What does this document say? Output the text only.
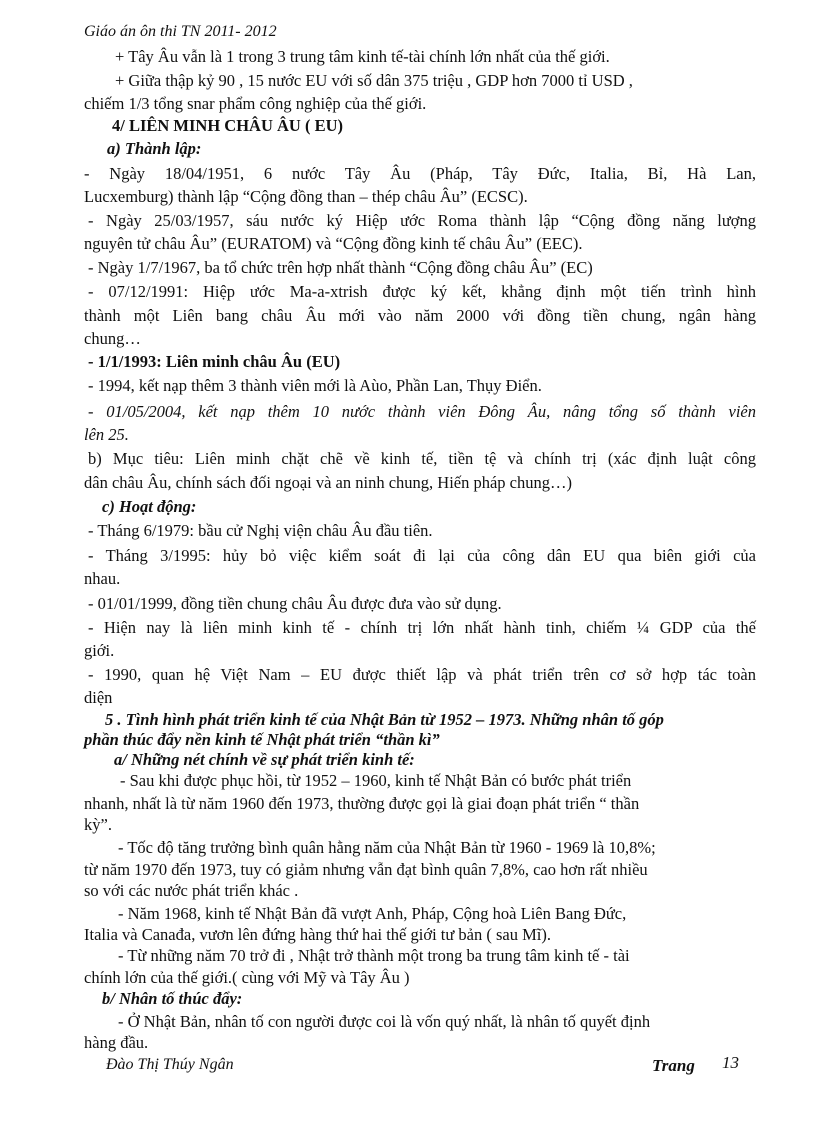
Giáo án ôn thi TN 2011- 2012
+ Tây Âu vẫn là 1 trong 3 trung tâm kinh tế-tài chính lớn nhất của thế giới.
+ Giữa thập kỷ 90 , 15 nước EU với số dân 375 triệu , GDP hơn 7000 tỉ USD ,
chiếm 1/3 tổng snar phẩm công nghiệp của thế giới.
4/ LIÊN MINH CHÂU ÂU ( EU)
a) Thành lập:
- Ngày 18/04/1951, 6 nước Tây Âu (Pháp, Tây Đức, Italia, Bỉ, Hà Lan,
Lucxemburg) thành lập “Cộng đồng than – thép châu Âu” (ECSC).
- Ngày 25/03/1957, sáu nước ký Hiệp ước Roma thành lập “Cộng đồng năng lượng
nguyên tử châu Âu” (EURATOM) và “Cộng đồng kinh tế châu Âu” (EEC).
- Ngày 1/7/1967, ba tổ chức trên hợp nhất thành “Cộng đồng châu Âu” (EC)
- 07/12/1991: Hiệp ước Ma-a-xtrish được ký kết, khẳng định một tiến trình hình
thành một Liên bang châu Âu mới vào năm 2000 với đồng tiền chung, ngân hàng
chung…
- 1/1/1993: Liên minh châu Âu (EU)
- 1994, kết nạp thêm 3 thành viên mới là Aùo, Phần Lan, Thụy Điển.
- 01/05/2004, kết nạp thêm 10 nước thành viên Đông Âu, nâng tổng số thành viên
lên 25.
b) Mục tiêu: Liên minh chặt chẽ về kinh tế, tiền tệ và chính trị (xác định luật công
dân châu Âu, chính sách đối ngoại và an ninh chung, Hiến pháp chung…)
c) Hoạt động:
- Tháng 6/1979: bầu cử Nghị viện châu Âu đầu tiên.
- Tháng 3/1995: hủy bỏ việc kiểm soát đi lại của công dân EU qua biên giới của
nhau.
- 01/01/1999, đồng tiền chung châu Âu được đưa vào sử dụng.
- Hiện nay là liên minh kinh tế - chính trị lớn nhất hành tinh, chiếm ¼ GDP của thế
giới.
- 1990, quan hệ Việt Nam – EU được thiết lập và phát triển trên cơ sở hợp tác toàn
diện
5 . Tình hình phát triển kinh tế của Nhật Bản từ 1952 – 1973. Những nhân tố góp
phần thúc đẩy nền kinh tế Nhật phát triển “thần kì”
a/ Những nét chính về sự phát triển kinh tế:
- Sau khi được phục hồi, từ 1952 – 1960, kinh tế Nhật Bản có bước phát triển
nhanh, nhất là từ năm 1960 đến 1973, thường được gọi là giai đoạn phát triển “ thần
kỳ”.
- Tốc độ tăng trưởng bình quân hằng năm của Nhật Bản từ 1960 - 1969 là 10,8%;
từ năm 1970 đến 1973, tuy có giảm nhưng vẫn đạt bình quân 7,8%, cao hơn rất nhiều
so với các nước phát triển khác .
- Năm 1968, kinh tế Nhật Bản đã vượt Anh, Pháp, Cộng hoà Liên Bang Đức,
Italia và Canađa, vươn lên đứng hàng thứ hai thế giới tư bản ( sau Mĩ).
- Từ những năm 70 trở đi , Nhật trở thành một trong ba trung tâm kinh tế - tài
chính lớn của thế giới.( cùng với Mỹ và Tây Âu )
b/ Nhân tố thúc đẩy:
- Ở Nhật Bản, nhân tố con người được coi là vốn quý nhất, là nhân tố quyết định
hàng đầu.
Đào Thị Thúy Ngân	Trang 13
